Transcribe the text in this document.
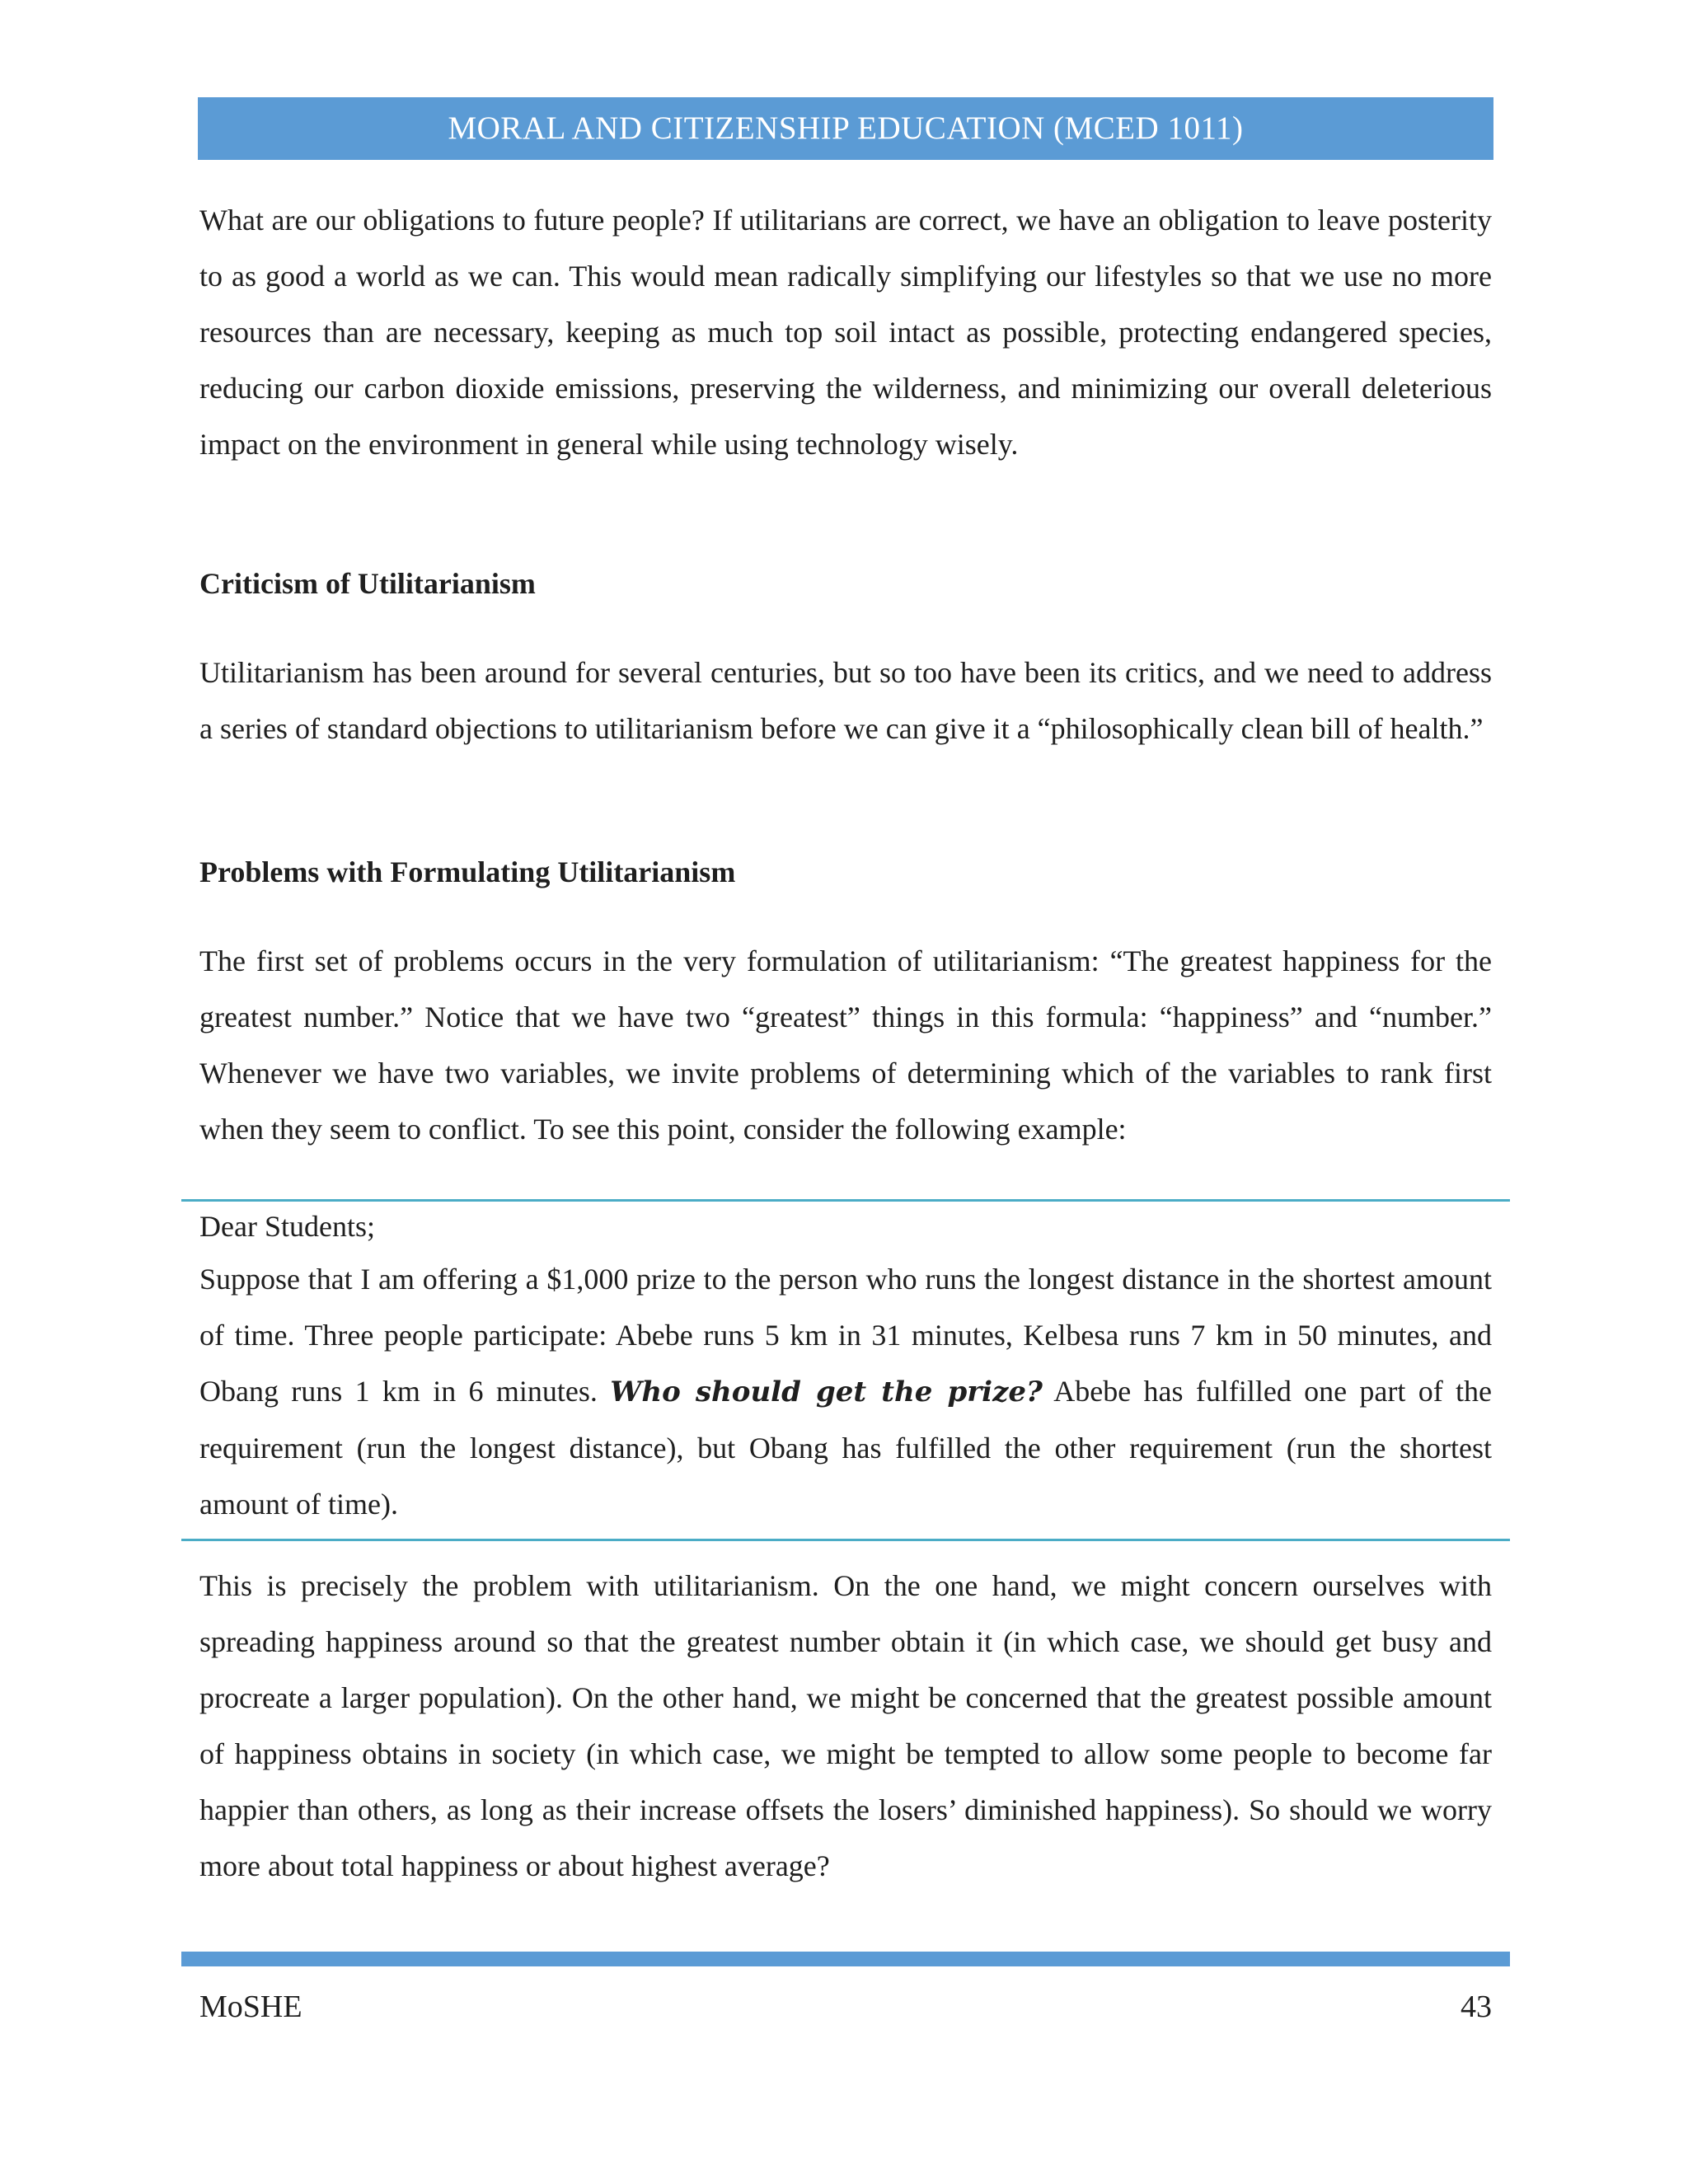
MORAL AND CITIZENSHIP EDUCATION (MCED 1011)

What are our obligations to future people? If utilitarians are correct, we have an obligation to leave posterity to as good a world as we can. This would mean radically simplifying our lifestyles so that we use no more resources than are necessary, keeping as much top soil intact as possible, protecting endangered species, reducing our carbon dioxide emissions, preserving the wilderness, and minimizing our overall deleterious impact on the environment in general while using technology wisely.

Criticism of Utilitarianism

Utilitarianism has been around for several centuries, but so too have been its critics, and we need to address a series of standard objections to utilitarianism before we can give it a “philosophically clean bill of health.”

Problems with Formulating Utilitarianism

The first set of problems occurs in the very formulation of utilitarianism: “The greatest happiness for the greatest number.” Notice that we have two “greatest” things in this formula: “happiness” and “number.” Whenever we have two variables, we invite problems of determining which of the variables to rank first when they seem to conflict. To see this point, consider the following example:

Dear Students;

Suppose that I am offering a $1,000 prize to the person who runs the longest distance in the shortest amount of time. Three people participate: Abebe runs 5 km in 31 minutes, Kelbesa runs 7 km in 50 minutes, and Obang runs 1 km in 6 minutes. Who should get the prize? Abebe has fulfilled one part of the requirement (run the longest distance), but Obang has fulfilled the other requirement (run the shortest amount of time).

This is precisely the problem with utilitarianism. On the one hand, we might concern ourselves with spreading happiness around so that the greatest number obtain it (in which case, we should get busy and procreate a larger population). On the other hand, we might be concerned that the greatest possible amount of happiness obtains in society (in which case, we might be tempted to allow some people to become far happier than others, as long as their increase offsets the losers’ diminished happiness). So should we worry more about total happiness or about highest average?

MoSHE	43
